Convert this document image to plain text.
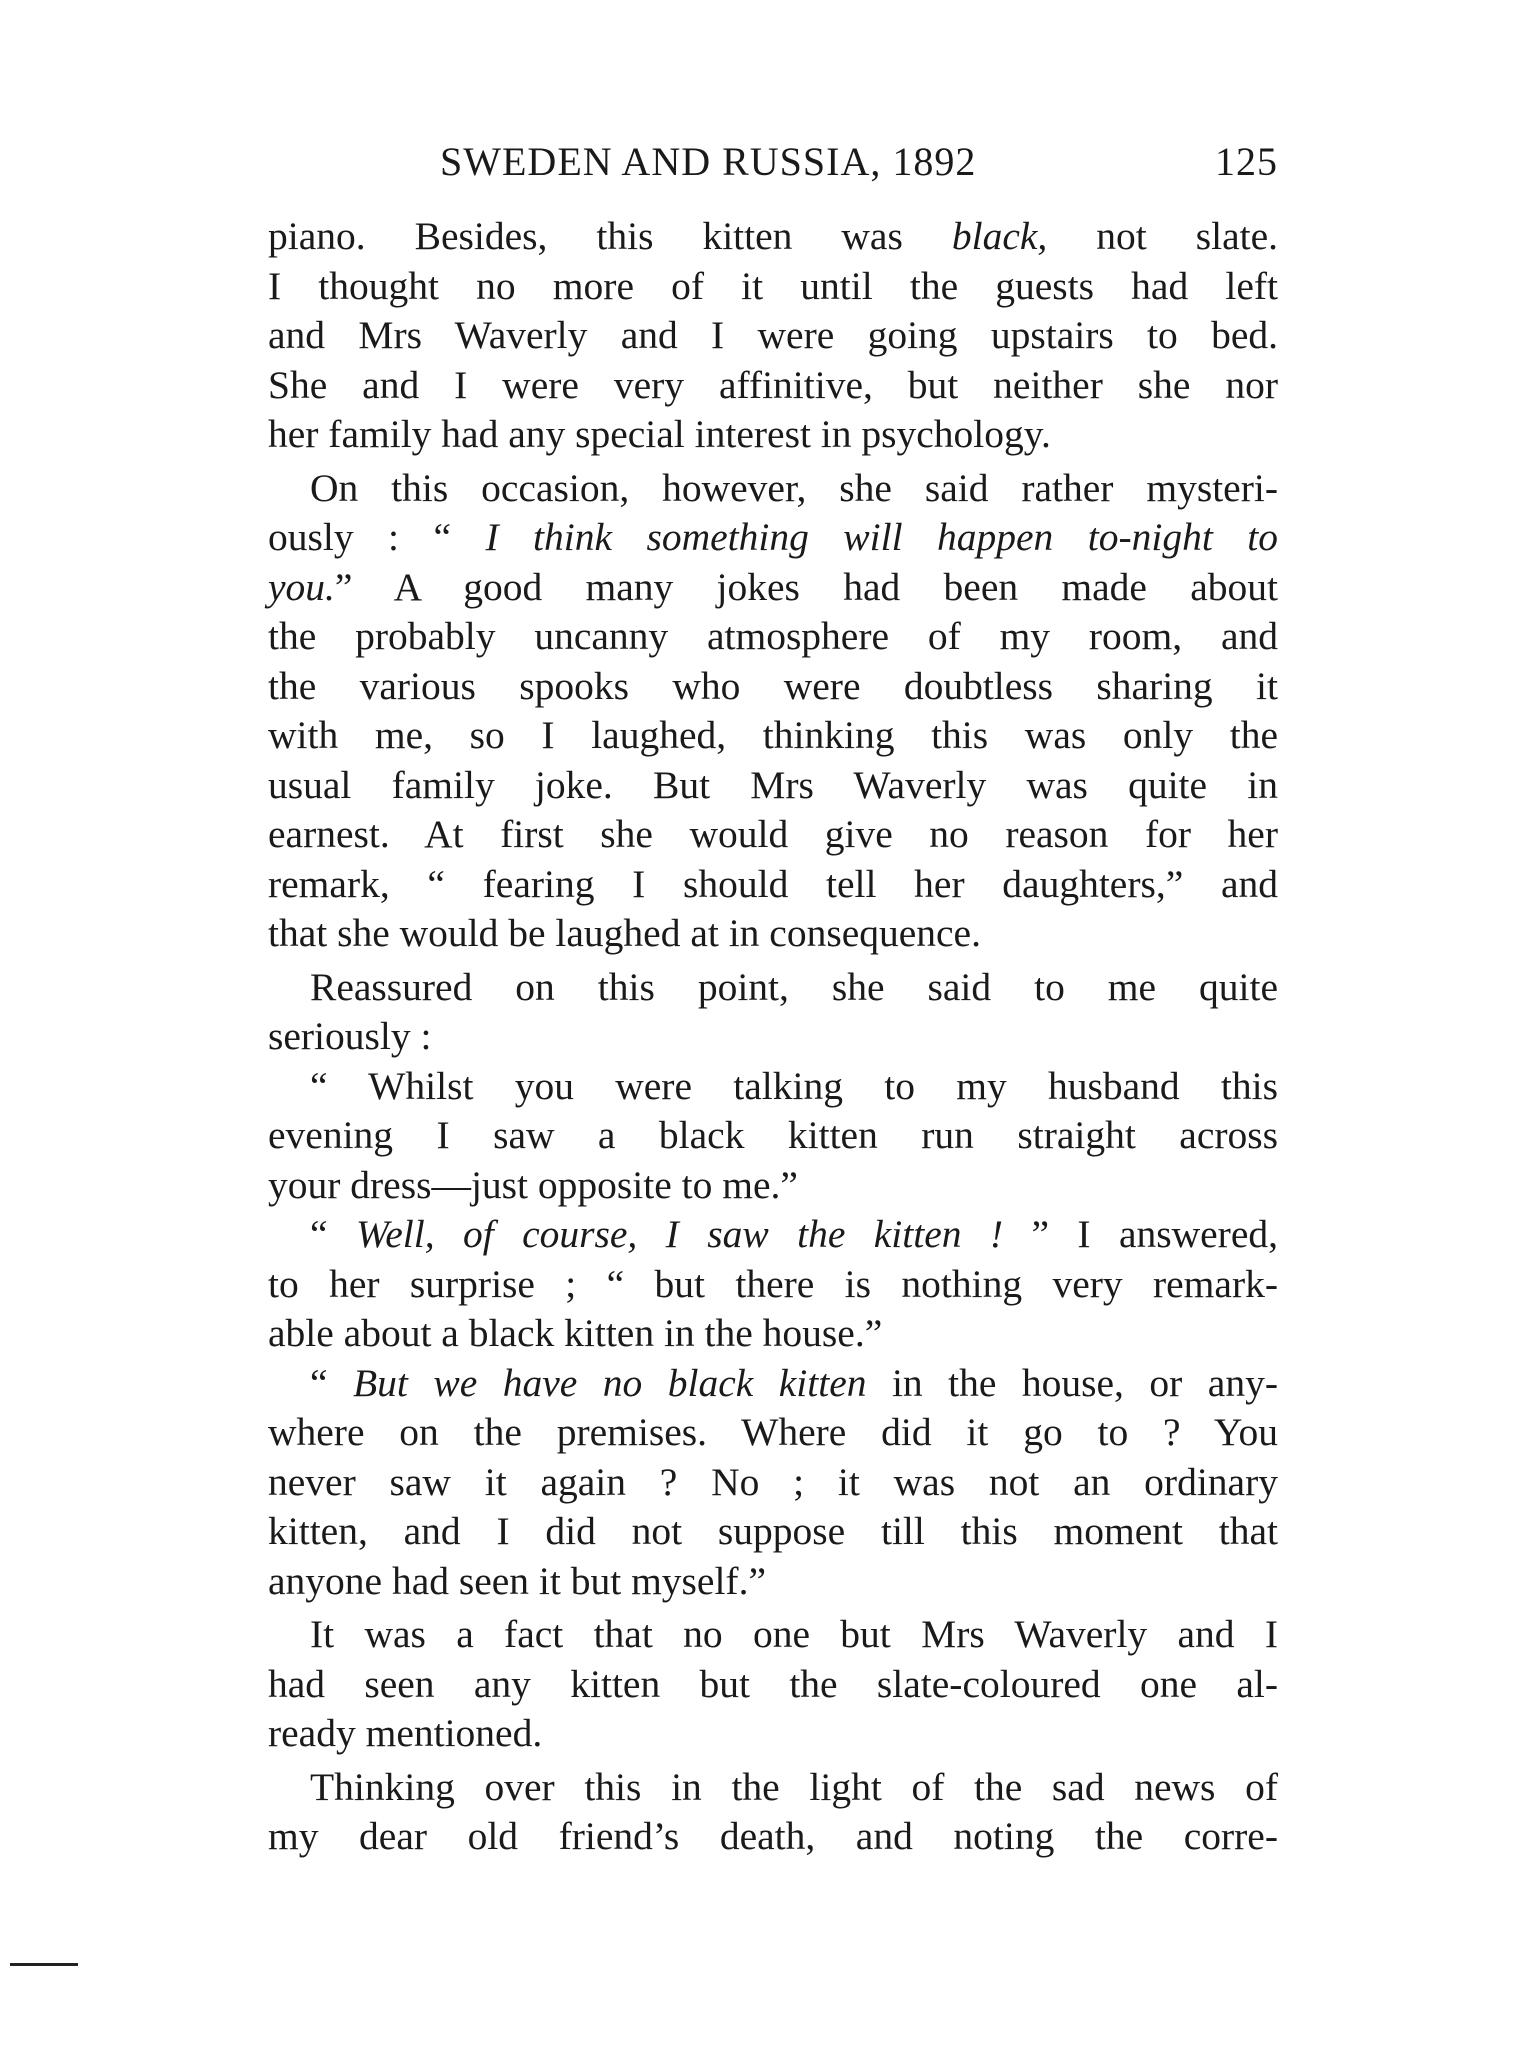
SWEDEN AND RUSSIA, 1892	125
piano. Besides, this kitten was black, not slate.
I thought no more of it until the guests had left
and Mrs Waverly and I were going upstairs to bed.
She and I were very affinitive, but neither she nor
her family had any special interest in psychology.
On this occasion, however, she said rather mysteri-
ously : “ I think something will happen to-night to
you.” A good many jokes had been made about
the probably uncanny atmosphere of my room, and
the various spooks who were doubtless sharing it
with me, so I laughed, thinking this was only the
usual family joke. But Mrs Waverly was quite in
earnest. At first she would give no reason for her
remark, “ fearing I should tell her daughters,” and
that she would be laughed at in consequence.
Reassured on this point, she said to me quite
seriously :
“ Whilst you were talking to my husband this
evening I saw a black kitten run straight across
your dress—just opposite to me.”
“ Well, of course, I saw the kitten ! ” I answered,
to her surprise ; “ but there is nothing very remark-
able about a black kitten in the house.”
“ But we have no black kitten in the house, or any-
where on the premises. Where did it go to ? You
never saw it again ? No ; it was not an ordinary
kitten, and I did not suppose till this moment that
anyone had seen it but myself.”
It was a fact that no one but Mrs Waverly and I
had seen any kitten but the slate-coloured one al-
ready mentioned.
Thinking over this in the light of the sad news of
my dear old friend’s death, and noting the corre-
